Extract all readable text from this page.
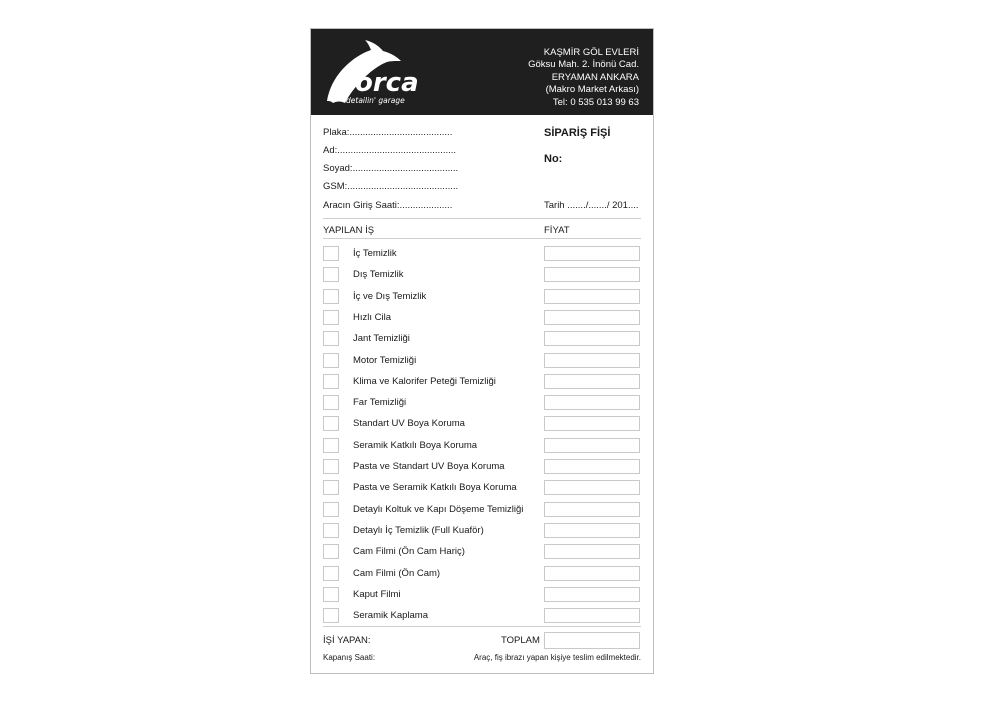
orca
detailin' garage
KAŞMİR GÖL EVLERİ
Göksu Mah. 2. İnönü Cad.
ERYAMAN ANKARA
(Makro Market Arkası)
Tel: 0 535 013 99 63
Plaka:.......................................
Ad:.............................................
Soyad:........................................
GSM:..........................................
Aracın Giriş Saati:....................
SİPARİŞ FİŞİ
No:
Tarih ......./......./ 201....
YAPILAN İŞ	FİYAT
İç Temizlik
Dış Temizlik
İç ve Dış Temizlik
Hızlı Cila
Jant Temizliği
Motor Temizliği
Klima ve Kalorifer Peteği Temizliği
Far Temizliği
Standart UV Boya Koruma
Seramik Katkılı Boya Koruma
Pasta ve Standart UV Boya Koruma
Pasta ve Seramik Katkılı Boya Koruma
Detaylı Koltuk ve Kapı Döşeme Temizliği
Detaylı İç Temizlik (Full Kuaför)
Cam Filmi (Ön Cam Hariç)
Cam Filmi (Ön Cam)
Kaput Filmi
Seramik Kaplama
İŞİ YAPAN:	TOPLAM
Kapanış Saati:	Araç, fiş ibrazı yapan kişiye teslim edilmektedir.
